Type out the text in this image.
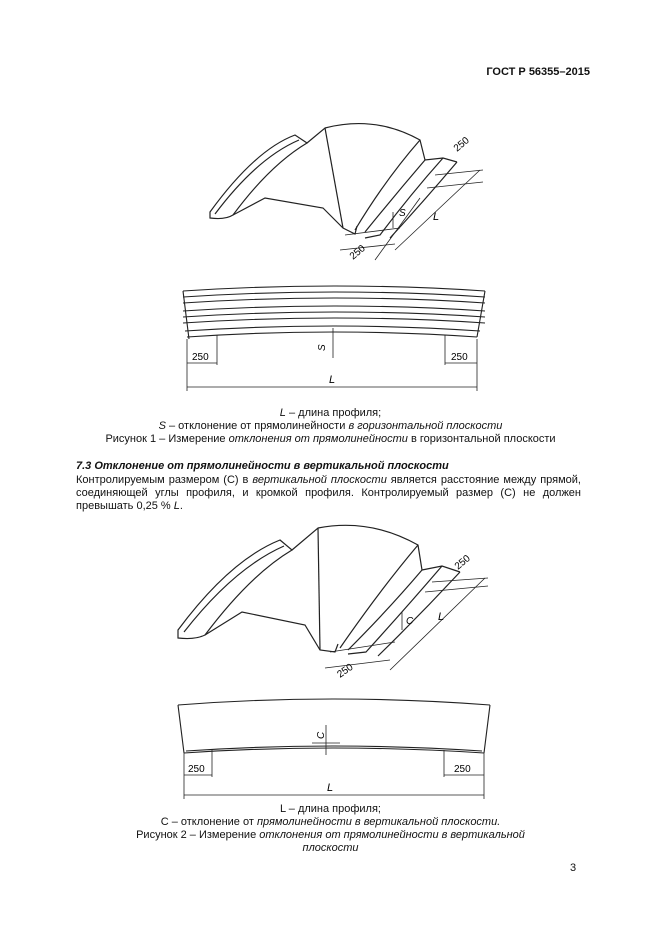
ГОСТ Р 56355–2015
250
L
S
250
250	250
S
L
L – длина профиля;
S – отклонение от прямолинейности в горизонтальной плоскости
Рисунок 1 – Измерение отклонения от прямолинейности в горизонтальной плоскости
7.3 Отклонение от прямолинейности в вертикальной плоскости
Контролируемым размером (С) в вертикальной плоскости является расстояние между прямой, соединяющей углы профиля, и кромкой профиля. Контролируемый размер (С) не должен превышать 0,25 % L.
250
L
C
250
C
250	250
L
L – длина профиля;
С – отклонение от прямолинейности в вертикальной плоскости.
Рисунок 2 – Измерение отклонения от прямолинейности в вертикальной
плоскости
3
